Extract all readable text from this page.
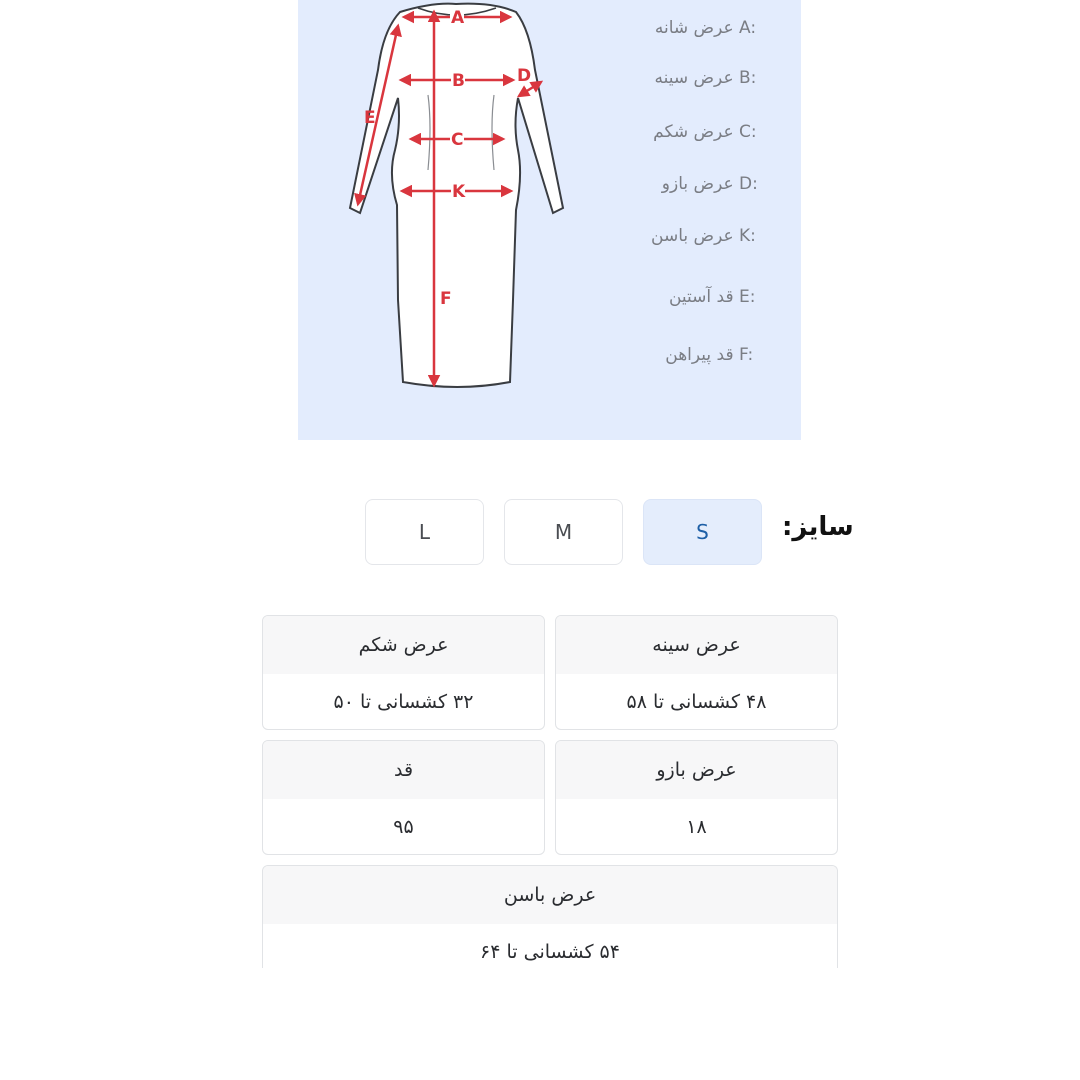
A
B
C
D
E
F
K
عرض شانه A:
عرض سینه B:
عرض شکم C:
عرض بازو D:
عرض باسن K:
قد آستین E:
قد پیراهن F:
سایز:
S
M
L
عرض سینه
۴۸ کشسانی تا ۵۸
عرض شکم
۳۲ کشسانی تا ۵۰
عرض بازو
۱۸
قد
۹۵
عرض باسن
۵۴ کشسانی تا ۶۴
